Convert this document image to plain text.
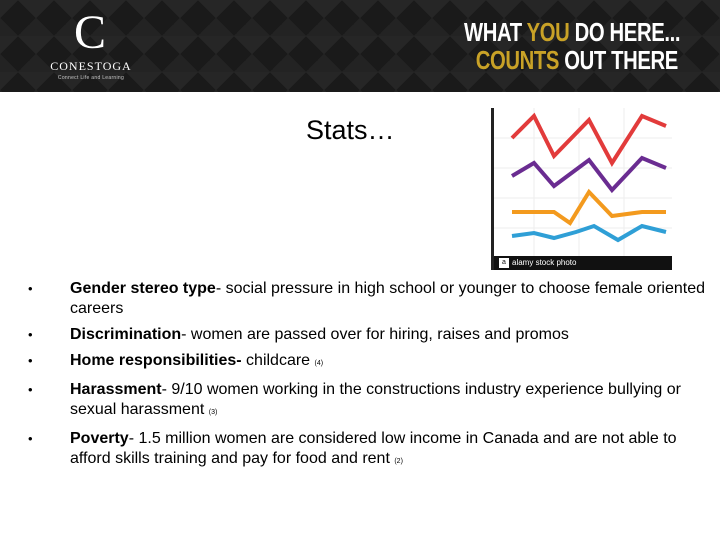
C
CONESTOGA
Connect Life and Learning
WHAT YOU DO HERE...
COUNTS OUT THERE
Stats…
a alamy stock photo
• Gender stereo type- social pressure in high school or younger to choose female oriented careers
• Discrimination- women are passed over for hiring, raises and promos
• Home responsibilities- childcare (4)
• Harassment- 9/10 women working in the constructions industry experience bullying or sexual harassment (3)
• Poverty- 1.5 million women are considered low income in Canada and are not able to afford skills training and pay for food and rent (2)
